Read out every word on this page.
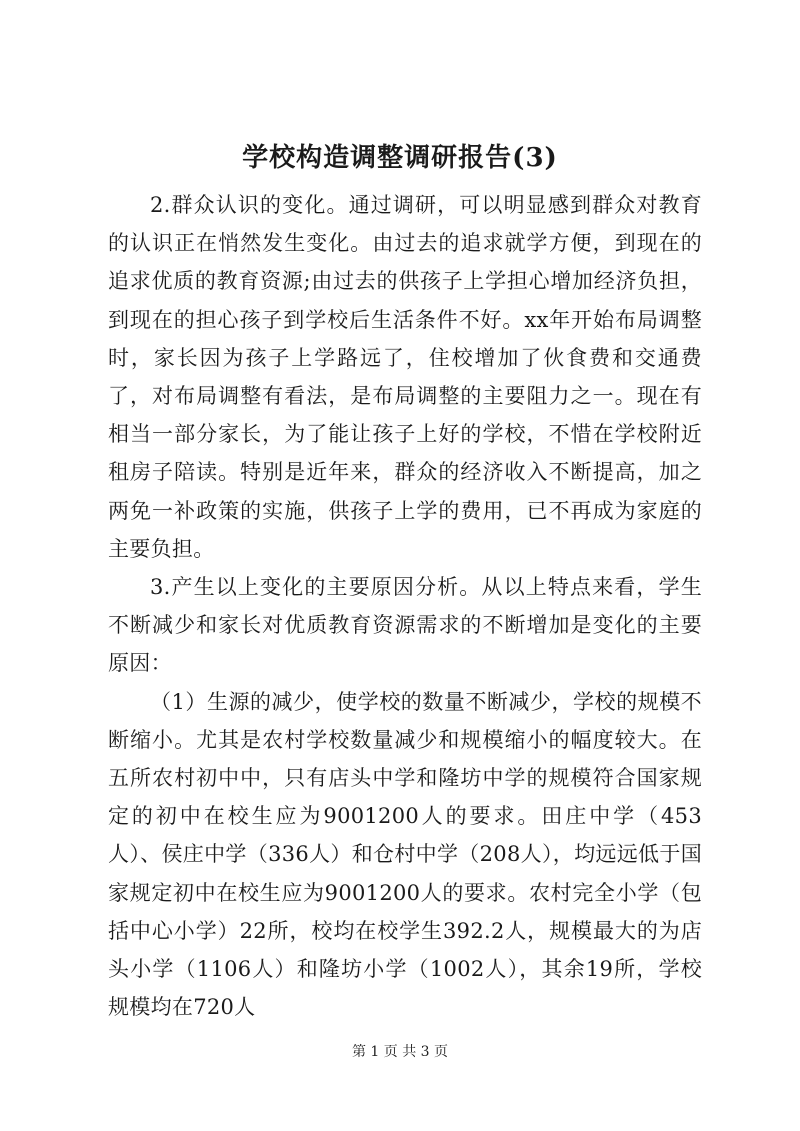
学校构造调整调研报告(3)

2.群众认识的变化。通过调研，可以明显感到群众对教育的认识正在悄然发生变化。由过去的追求就学方便，到现在的追求优质的教育资源;由过去的供孩子上学担心增加经济负担，到现在的担心孩子到学校后生活条件不好。xx年开始布局调整时，家长因为孩子上学路远了，住校增加了伙食费和交通费了，对布局调整有看法，是布局调整的主要阻力之一。现在有相当一部分家长，为了能让孩子上好的学校，不惜在学校附近租房子陪读。特别是近年来，群众的经济收入不断提高，加之两免一补政策的实施，供孩子上学的费用，已不再成为家庭的主要负担。

3.产生以上变化的主要原因分析。从以上特点来看，学生不断减少和家长对优质教育资源需求的不断增加是变化的主要原因：

（1）生源的减少，使学校的数量不断减少，学校的规模不断缩小。尤其是农村学校数量减少和规模缩小的幅度较大。在五所农村初中中，只有店头中学和隆坊中学的规模符合国家规定的初中在校生应为9001200人的要求。田庄中学（453人）、侯庄中学（336人）和仓村中学（208人），均远远低于国家规定初中在校生应为9001200人的要求。农村完全小学（包括中心小学）22所，校均在校学生392.2人，规模最大的为店头小学（1106人）和隆坊小学（1002人），其余19所，学校规模均在720人

第 1 页 共 3 页
